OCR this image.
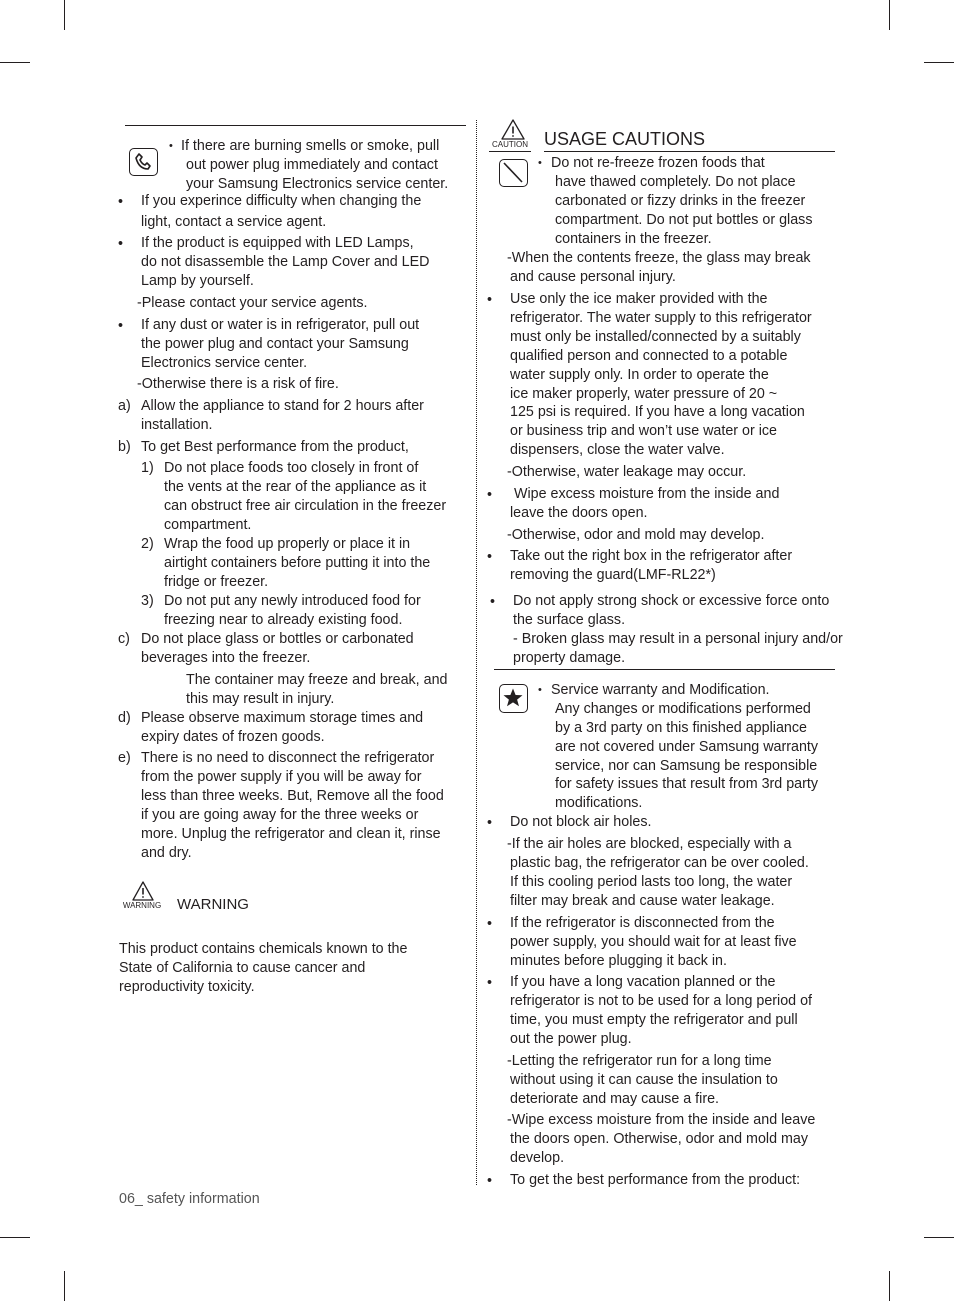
• If there are burning smells or smoke, pull
out power plug immediately and contact
your Samsung Electronics service center.
• If you experince difficulty when changing the
light, contact a service agent.
• If the product is equipped with LED Lamps,
do not disassemble the Lamp Cover and LED
Lamp by yourself.
-Please contact your service agents.
• If any dust or water is in refrigerator, pull out
the power plug and contact your Samsung
Electronics service center.
-Otherwise there is a risk of fire.
a) Allow the appliance to stand for 2 hours after
installation.
b) To get Best performance from the product,
1) Do not place foods too closely in front of
the vents at the rear of the appliance as it
can obstruct free air circulation in the freezer
compartment.
2) Wrap the food up properly or place it in
airtight containers before putting it into the
fridge or freezer.
3) Do not put any newly introduced food for
freezing near to already existing food.
c) Do not place glass or bottles or carbonated
beverages into the freezer.
The container may freeze and break, and
this may result in injury.
d) Please observe maximum storage times and
expiry dates of frozen goods.
e) There is no need to disconnect the refrigerator
from the power supply if you will be away for
less than three weeks. But, Remove all the food
if you are going away for the three weeks or
more. Unplug the refrigerator and clean it, rinse
and dry.
WARNING WARNING
This product contains chemicals known to the
State of California to cause cancer and
reproductivity toxicity.
06_ safety information
CAUTION USAGE CAUTIONS
• Do not re-freeze frozen foods that
have thawed completely. Do not place
carbonated or fizzy drinks in the freezer
compartment. Do not put bottles or glass
containers in the freezer.
-When the contents freeze, the glass may break
and cause personal injury.
• Use only the ice maker provided with the
refrigerator. The water supply to this refrigerator
must only be installed/connected by a suitably
qualified person and connected to a potable
water supply only. In order to operate the
ice maker properly, water pressure of 20 ~
125 psi is required. If you have a long vacation
or business trip and won’t use water or ice
dispensers, close the water valve.
-Otherwise, water leakage may occur.
• Wipe excess moisture from the inside and
leave the doors open.
-Otherwise, odor and mold may develop.
• Take out the right box in the refrigerator after
removing the guard(LMF-RL22*)
• Do not apply strong shock or excessive force onto
the surface glass.
- Broken glass may result in a personal injury and/or
property damage.
• Service warranty and Modification.
Any changes or modifications performed
by a 3rd party on this finished appliance
are not covered under Samsung warranty
service, nor can Samsung be responsible
for safety issues that result from 3rd party
modifications.
• Do not block air holes.
-If the air holes are blocked, especially with a
plastic bag, the refrigerator can be over cooled.
If this cooling period lasts too long, the water
filter may break and cause water leakage.
• If the refrigerator is disconnected from the
power supply, you should wait for at least five
minutes before plugging it back in.
• If you have a long vacation planned or the
refrigerator is not to be used for a long period of
time, you must empty the refrigerator and pull
out the power plug.
-Letting the refrigerator run for a long time
without using it can cause the insulation to
deteriorate and may cause a fire.
-Wipe excess moisture from the inside and leave
the doors open. Otherwise, odor and mold may
develop.
• To get the best performance from the product:
